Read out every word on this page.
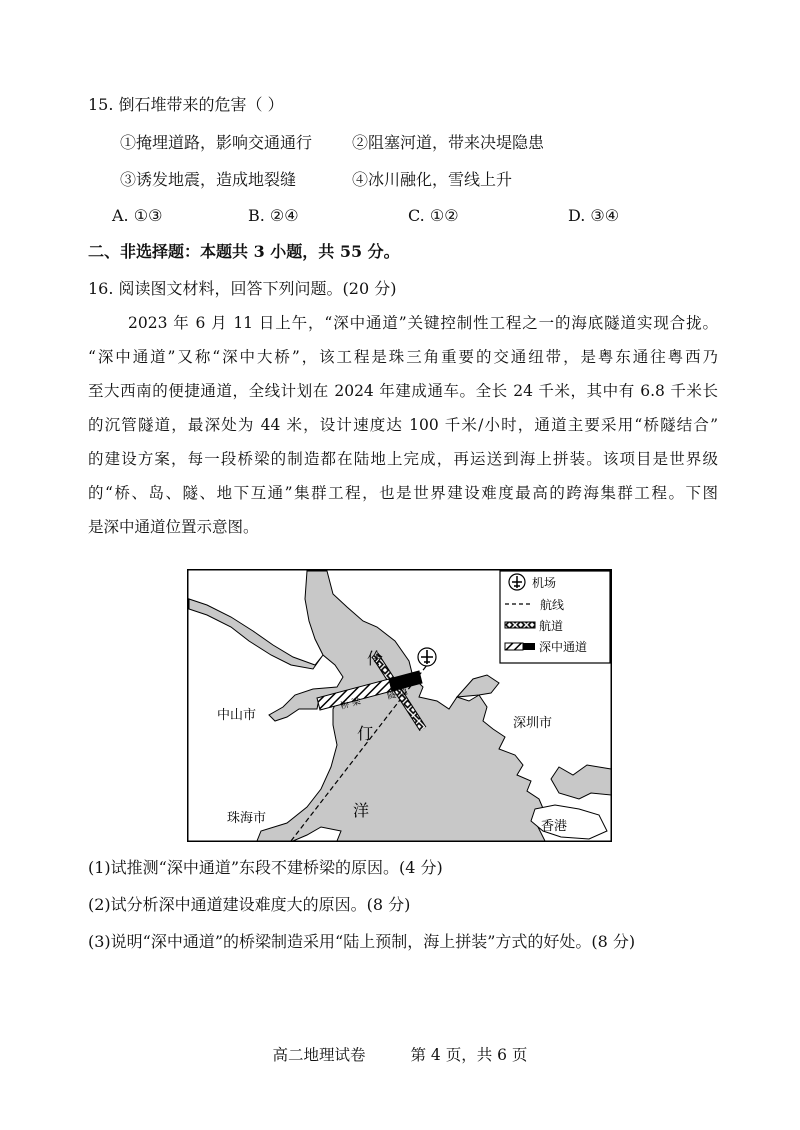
15. 倒石堆带来的危害（ ）
①掩埋道路，影响交通通行 ②阻塞河道，带来决堤隐患
③诱发地震，造成地裂缝	④冰川融化，雪线上升
A. ①③	B. ②④	C. ①②	D. ③④
二、非选择题：本题共 3 小题，共 55 分。
16. 阅读图文材料，回答下列问题。(20 分)
2023 年 6 月 11 日上午，“深中通道”关键控制性工程之一的海底隧道实现合拢。
“深中通道”又称“深中大桥”，该工程是珠三角重要的交通纽带，是粤东通往粤西乃
至大西南的便捷通道，全线计划在 2024 年建成通车。全长 24 千米，其中有 6.8 千米长
的沉管隧道，最深处为 44 米，设计速度达 100 千米/小时，通道主要采用“桥隧结合”
的建设方案，每一段桥梁的制造都在陆地上完成，再运送到海上拼装。该项目是世界级
的“桥、岛、隧、地下互通”集群工程，也是世界建设难度最高的跨海集群工程。下图
是深中通道位置示意图。
机场
航线
航道
深中通道
中山市
深圳市
珠海市
香港
伶
仃
洋
桥 梁
隧 道
(1)试推测“深中通道”东段不建桥梁的原因。(4 分)
(2)试分析深中通道建设难度大的原因。(8 分)
(3)说明“深中通道”的桥梁制造采用“陆上预制，海上拼装”方式的好处。(8 分)
高二地理试卷	第 4 页，共 6 页
